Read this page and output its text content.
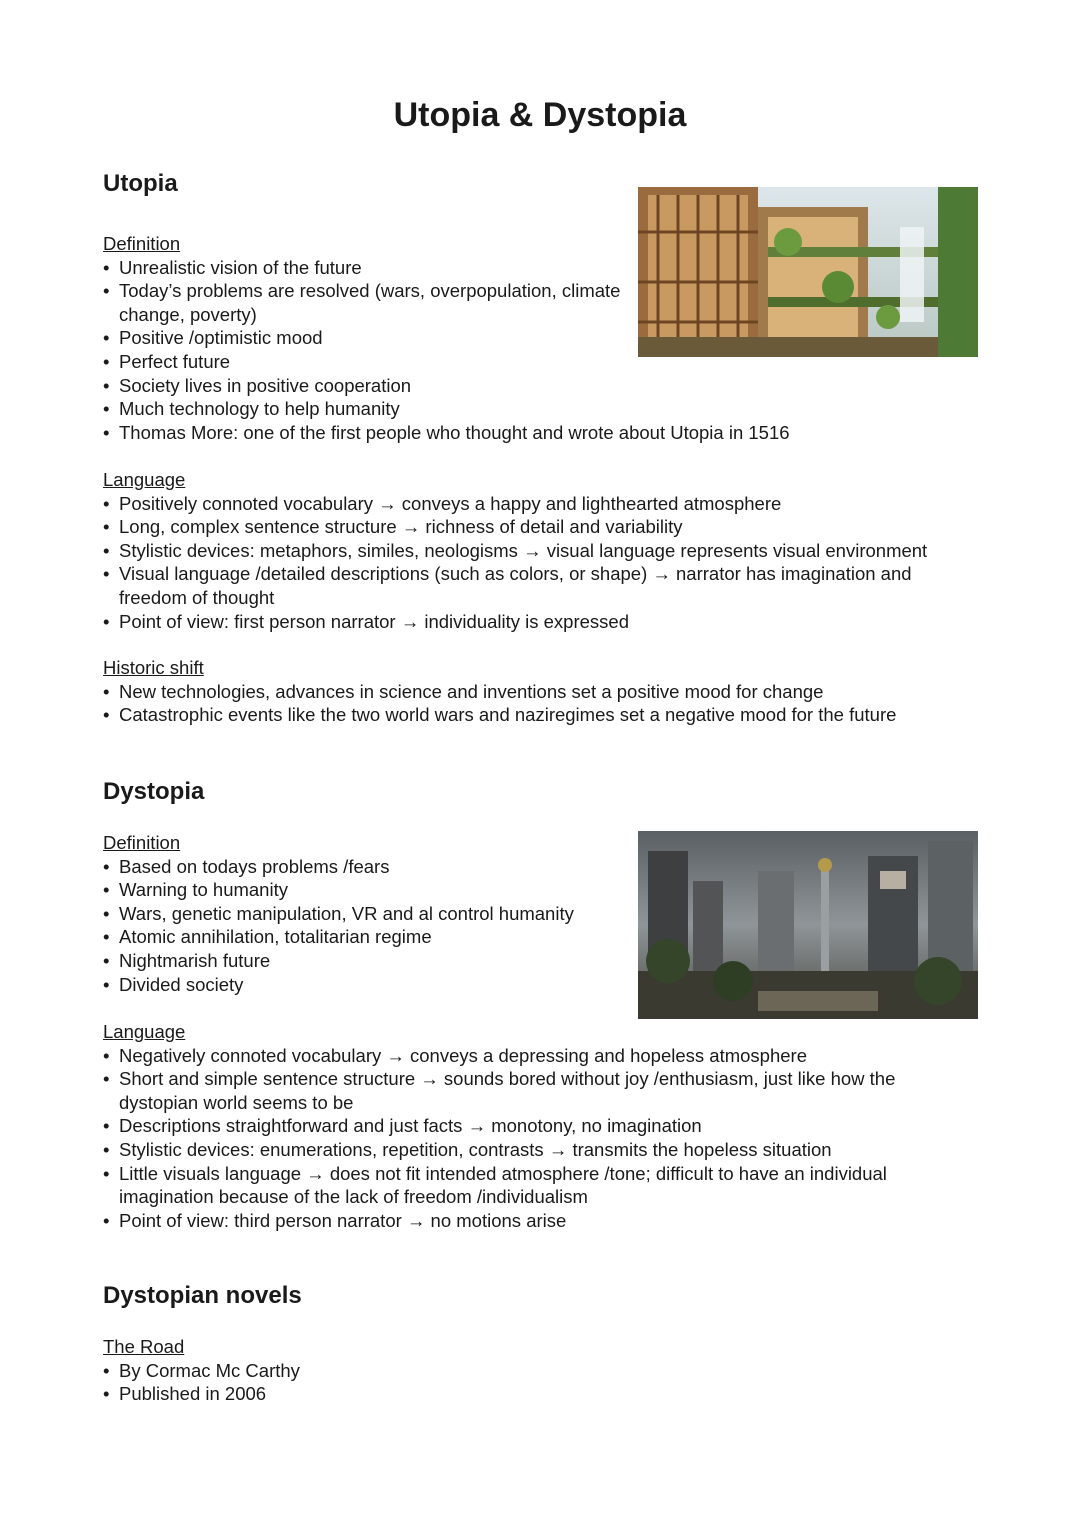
Utopia & Dystopia
Utopia

Definition

• Unrealistic vision of the future
• Today’s problems are resolved (wars, overpopulation, climate change, poverty)
• Positive /optimistic mood
• Perfect future
• Society lives in positive cooperation
• Much technology to help humanity
• Thomas More: one of the first people who thought and wrote about Utopia in 1516

Language

• Positively connoted vocabulary → conveys a happy and lighthearted atmosphere
• Long, complex sentence structure → richness of detail and variability
• Stylistic devices: metaphors, similes, neologisms → visual language represents visual environment
• Visual language /detailed descriptions (such as colors, or shape) → narrator has imagination and freedom of thought
• Point of view: first person narrator → individuality is expressed

Historic shift

• New technologies, advances in science and inventions set a positive mood for change
• Catastrophic events like the two world wars and naziregimes set a negative mood for the future
Dystopia

Definition

• Based on todays problems /fears
• Warning to humanity
• Wars, genetic manipulation, VR and al control humanity
• Atomic annihilation, totalitarian regime
• Nightmarish future
• Divided society

Language

• Negatively connoted vocabulary → conveys a depressing and hopeless atmosphere
• Short and simple sentence structure → sounds bored without joy /enthusiasm, just like how the dystopian world seems to be
• Descriptions straightforward and just facts → monotony, no imagination
• Stylistic devices: enumerations, repetition, contrasts → transmits the hopeless situation
• Little visuals language → does not fit intended atmosphere /tone; difficult to have an individual imagination because of the lack of freedom /individualism
• Point of view: third person narrator → no motions arise
Dystopian novels

The Road

• By Cormac Mc Carthy
• Published in 2006
